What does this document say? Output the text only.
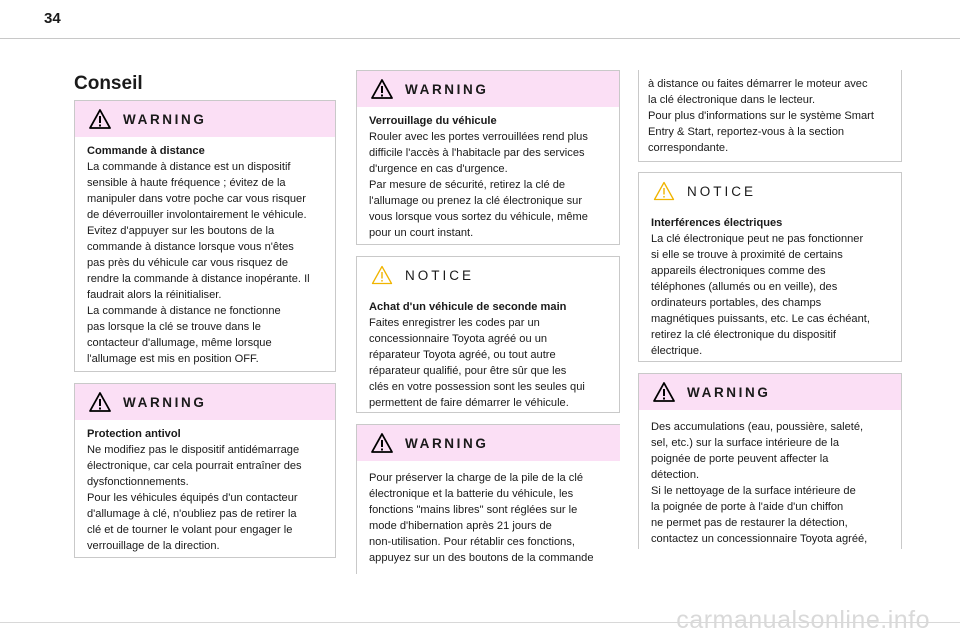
34
Conseil
WARNING
Commande à distance

La commande à distance est un dispositif
sensible à haute fréquence ; évitez de la
manipuler dans votre poche car vous risquer
de déverrouiller involontairement le véhicule.
Evitez d'appuyer sur les boutons de la
commande à distance lorsque vous n'êtes
pas près du véhicule car vous risquez de
rendre la commande à distance inopérante. Il
faudrait alors la réinitialiser.
La commande à distance ne fonctionne
pas lorsque la clé se trouve dans le
contacteur d'allumage, même lorsque
l'allumage est mis en position OFF.

WARNING
Protection antivol

Ne modifiez pas le dispositif antidémarrage
électronique, car cela pourrait entraîner des
dysfonctionnements.
Pour les véhicules équipés d'un contacteur
d'allumage à clé, n'oubliez pas de retirer la
clé et de tourner le volant pour engager le
verrouillage de la direction.

WARNING
Verrouillage du véhicule

Rouler avec les portes verrouillées rend plus
difficile l'accès à l'habitacle par des services
d'urgence en cas d'urgence.
Par mesure de sécurité, retirez la clé de
l'allumage ou prenez la clé électronique sur
vous lorsque vous sortez du véhicule, même
pour un court instant.

NOTICE
Achat d'un véhicule de seconde main

Faites enregistrer les codes par un
concessionnaire Toyota agréé ou un
réparateur Toyota agréé, ou tout autre
réparateur qualifié, pour être sûr que les
clés en votre possession sont les seules qui
permettent de faire démarrer le véhicule.

WARNING

Pour préserver la charge de la pile de la clé
électronique et la batterie du véhicule, les
fonctions "mains libres" sont réglées sur le
mode d'hibernation après 21 jours de
non-utilisation. Pour rétablir ces fonctions,
appuyez sur un des boutons de la commande

à distance ou faites démarrer le moteur avec
la clé électronique dans le lecteur.
Pour plus d'informations sur le système Smart
Entry & Start, reportez-vous à la section
correspondante.
NOTICE
Interférences électriques

La clé électronique peut ne pas fonctionner
si elle se trouve à proximité de certains
appareils électroniques comme des
téléphones (allumés ou en veille), des
ordinateurs portables, des champs
magnétiques puissants, etc. Le cas échéant,
retirez la clé électronique du dispositif
électrique.

WARNING

Des accumulations (eau, poussière, saleté,
sel, etc.) sur la surface intérieure de la
poignée de porte peuvent affecter la
détection.
Si le nettoyage de la surface intérieure de
la poignée de porte à l'aide d'un chiffon
ne permet pas de restaurer la détection,
contactez un concessionnaire Toyota agréé,

carmanualsonline.info
